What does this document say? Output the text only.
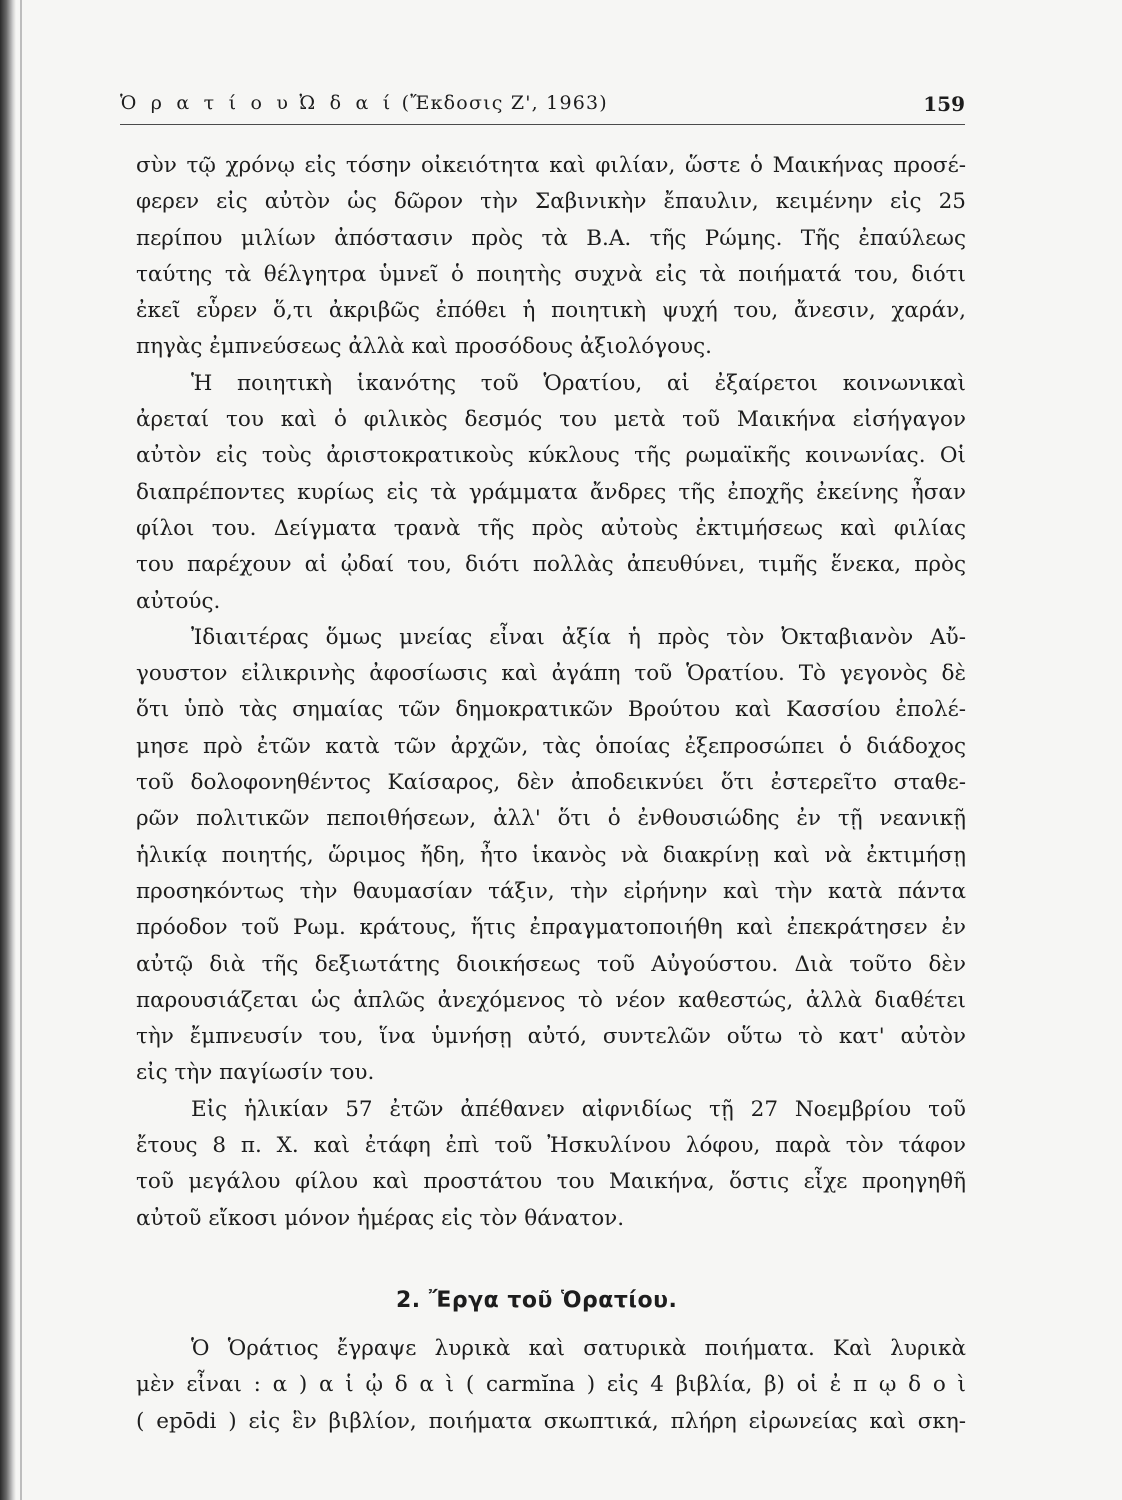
Ὁ ρ α τ ί ο υ Ὠ δ α ί (Ἔκδοσις Ζ', 1963)	159
σὺν τῷ χρόνῳ εἰς τόσην οἰκειότητα καὶ φιλίαν, ὥστε ὁ Μαικήνας προσέ-
φερεν εἰς αὐτὸν ὡς δῶρον τὴν Σαβινικὴν ἔπαυλιν, κειμένην εἰς 25
περίπου μιλίων ἀπόστασιν πρὸς τὰ Β.Α. τῆς Ρώμης. Τῆς ἐπαύλεως
ταύτης τὰ θέλγητρα ὑμνεῖ ὁ ποιητὴς συχνὰ εἰς τὰ ποιήματά του, διότι
ἐκεῖ εὗρεν ὅ,τι ἀκριβῶς ἐπόθει ἡ ποιητικὴ ψυχή του, ἄνεσιν, χαράν,
πηγὰς ἐμπνεύσεως ἀλλὰ καὶ προσόδους ἀξιολόγους.
Ἡ ποιητικὴ ἱκανότης τοῦ Ὁρατίου, αἱ ἐξαίρετοι κοινωνικαὶ
ἀρεταί του καὶ ὁ φιλικὸς δεσμός του μετὰ τοῦ Μαικήνα εἰσήγαγον
αὐτὸν εἰς τοὺς ἀριστοκρατικοὺς κύκλους τῆς ρωμαϊκῆς κοινωνίας. Οἱ
διαπρέποντες κυρίως εἰς τὰ γράμματα ἄνδρες τῆς ἐποχῆς ἐκείνης ἦσαν
φίλοι του. Δείγματα τρανὰ τῆς πρὸς αὐτοὺς ἐκτιμήσεως καὶ φιλίας
του παρέχουν αἱ ᾠδαί του, διότι πολλὰς ἀπευθύνει, τιμῆς ἕνεκα, πρὸς
αὐτούς.
Ἰδιαιτέρας ὅμως μνείας εἶναι ἀξία ἡ πρὸς τὸν Ὀκταβιανὸν Αὔ-
γουστον εἰλικρινὴς ἀφοσίωσις καὶ ἀγάπη τοῦ Ὁρατίου. Τὸ γεγονὸς δὲ
ὅτι ὑπὸ τὰς σημαίας τῶν δημοκρατικῶν Βρούτου καὶ Κασσίου ἐπολέ-
μησε πρὸ ἐτῶν κατὰ τῶν ἀρχῶν, τὰς ὁποίας ἐξεπροσώπει ὁ διάδοχος
τοῦ δολοφονηθέντος Καίσαρος, δὲν ἀποδεικνύει ὅτι ἐστερεῖτο σταθε-
ρῶν πολιτικῶν πεποιθήσεων, ἀλλ' ὅτι ὁ ἐνθουσιώδης ἐν τῇ νεανικῇ
ἡλικίᾳ ποιητής, ὥριμος ἤδη, ἦτο ἱκανὸς νὰ διακρίνῃ καὶ νὰ ἐκτιμήσῃ
προσηκόντως τὴν θαυμασίαν τάξιν, τὴν εἰρήνην καὶ τὴν κατὰ πάντα
πρόοδον τοῦ Ρωμ. κράτους, ἥτις ἐπραγματοποιήθη καὶ ἐπεκράτησεν ἐν
αὐτῷ διὰ τῆς δεξιωτάτης διοικήσεως τοῦ Αὐγούστου. Διὰ τοῦτο δὲν
παρουσιάζεται ὡς ἁπλῶς ἀνεχόμενος τὸ νέον καθεστώς, ἀλλὰ διαθέτει
τὴν ἔμπνευσίν του, ἵνα ὑμνήσῃ αὐτό, συντελῶν οὕτω τὸ κατ' αὐτὸν
εἰς τὴν παγίωσίν του.
Εἰς ἡλικίαν 57 ἐτῶν ἀπέθανεν αἰφνιδίως τῇ 27 Νοεμβρίου τοῦ
ἔτους 8 π. Χ. καὶ ἐτάφη ἐπὶ τοῦ Ἠσκυλίνου λόφου, παρὰ τὸν τάφον
τοῦ μεγάλου φίλου καὶ προστάτου του Μαικήνα, ὅστις εἶχε προηγηθῆ
αὐτοῦ εἴκοσι μόνον ἡμέρας εἰς τὸν θάνατον.
2. Ἔργα τοῦ Ὁρατίου.
Ὁ Ὁράτιος ἔγραψε λυρικὰ καὶ σατυρικὰ ποιήματα. Καὶ λυρικὰ
μὲν εἶναι : α ) α ἱ ᾠ δ α ὶ ( carmĭna ) εἰς 4 βιβλία, β) οἱ ἐ π ῳ δ ο ὶ
( epōdi ) εἰς ἓν βιβλίον, ποιήματα σκωπτικά, πλήρη εἰρωνείας καὶ σκη-
